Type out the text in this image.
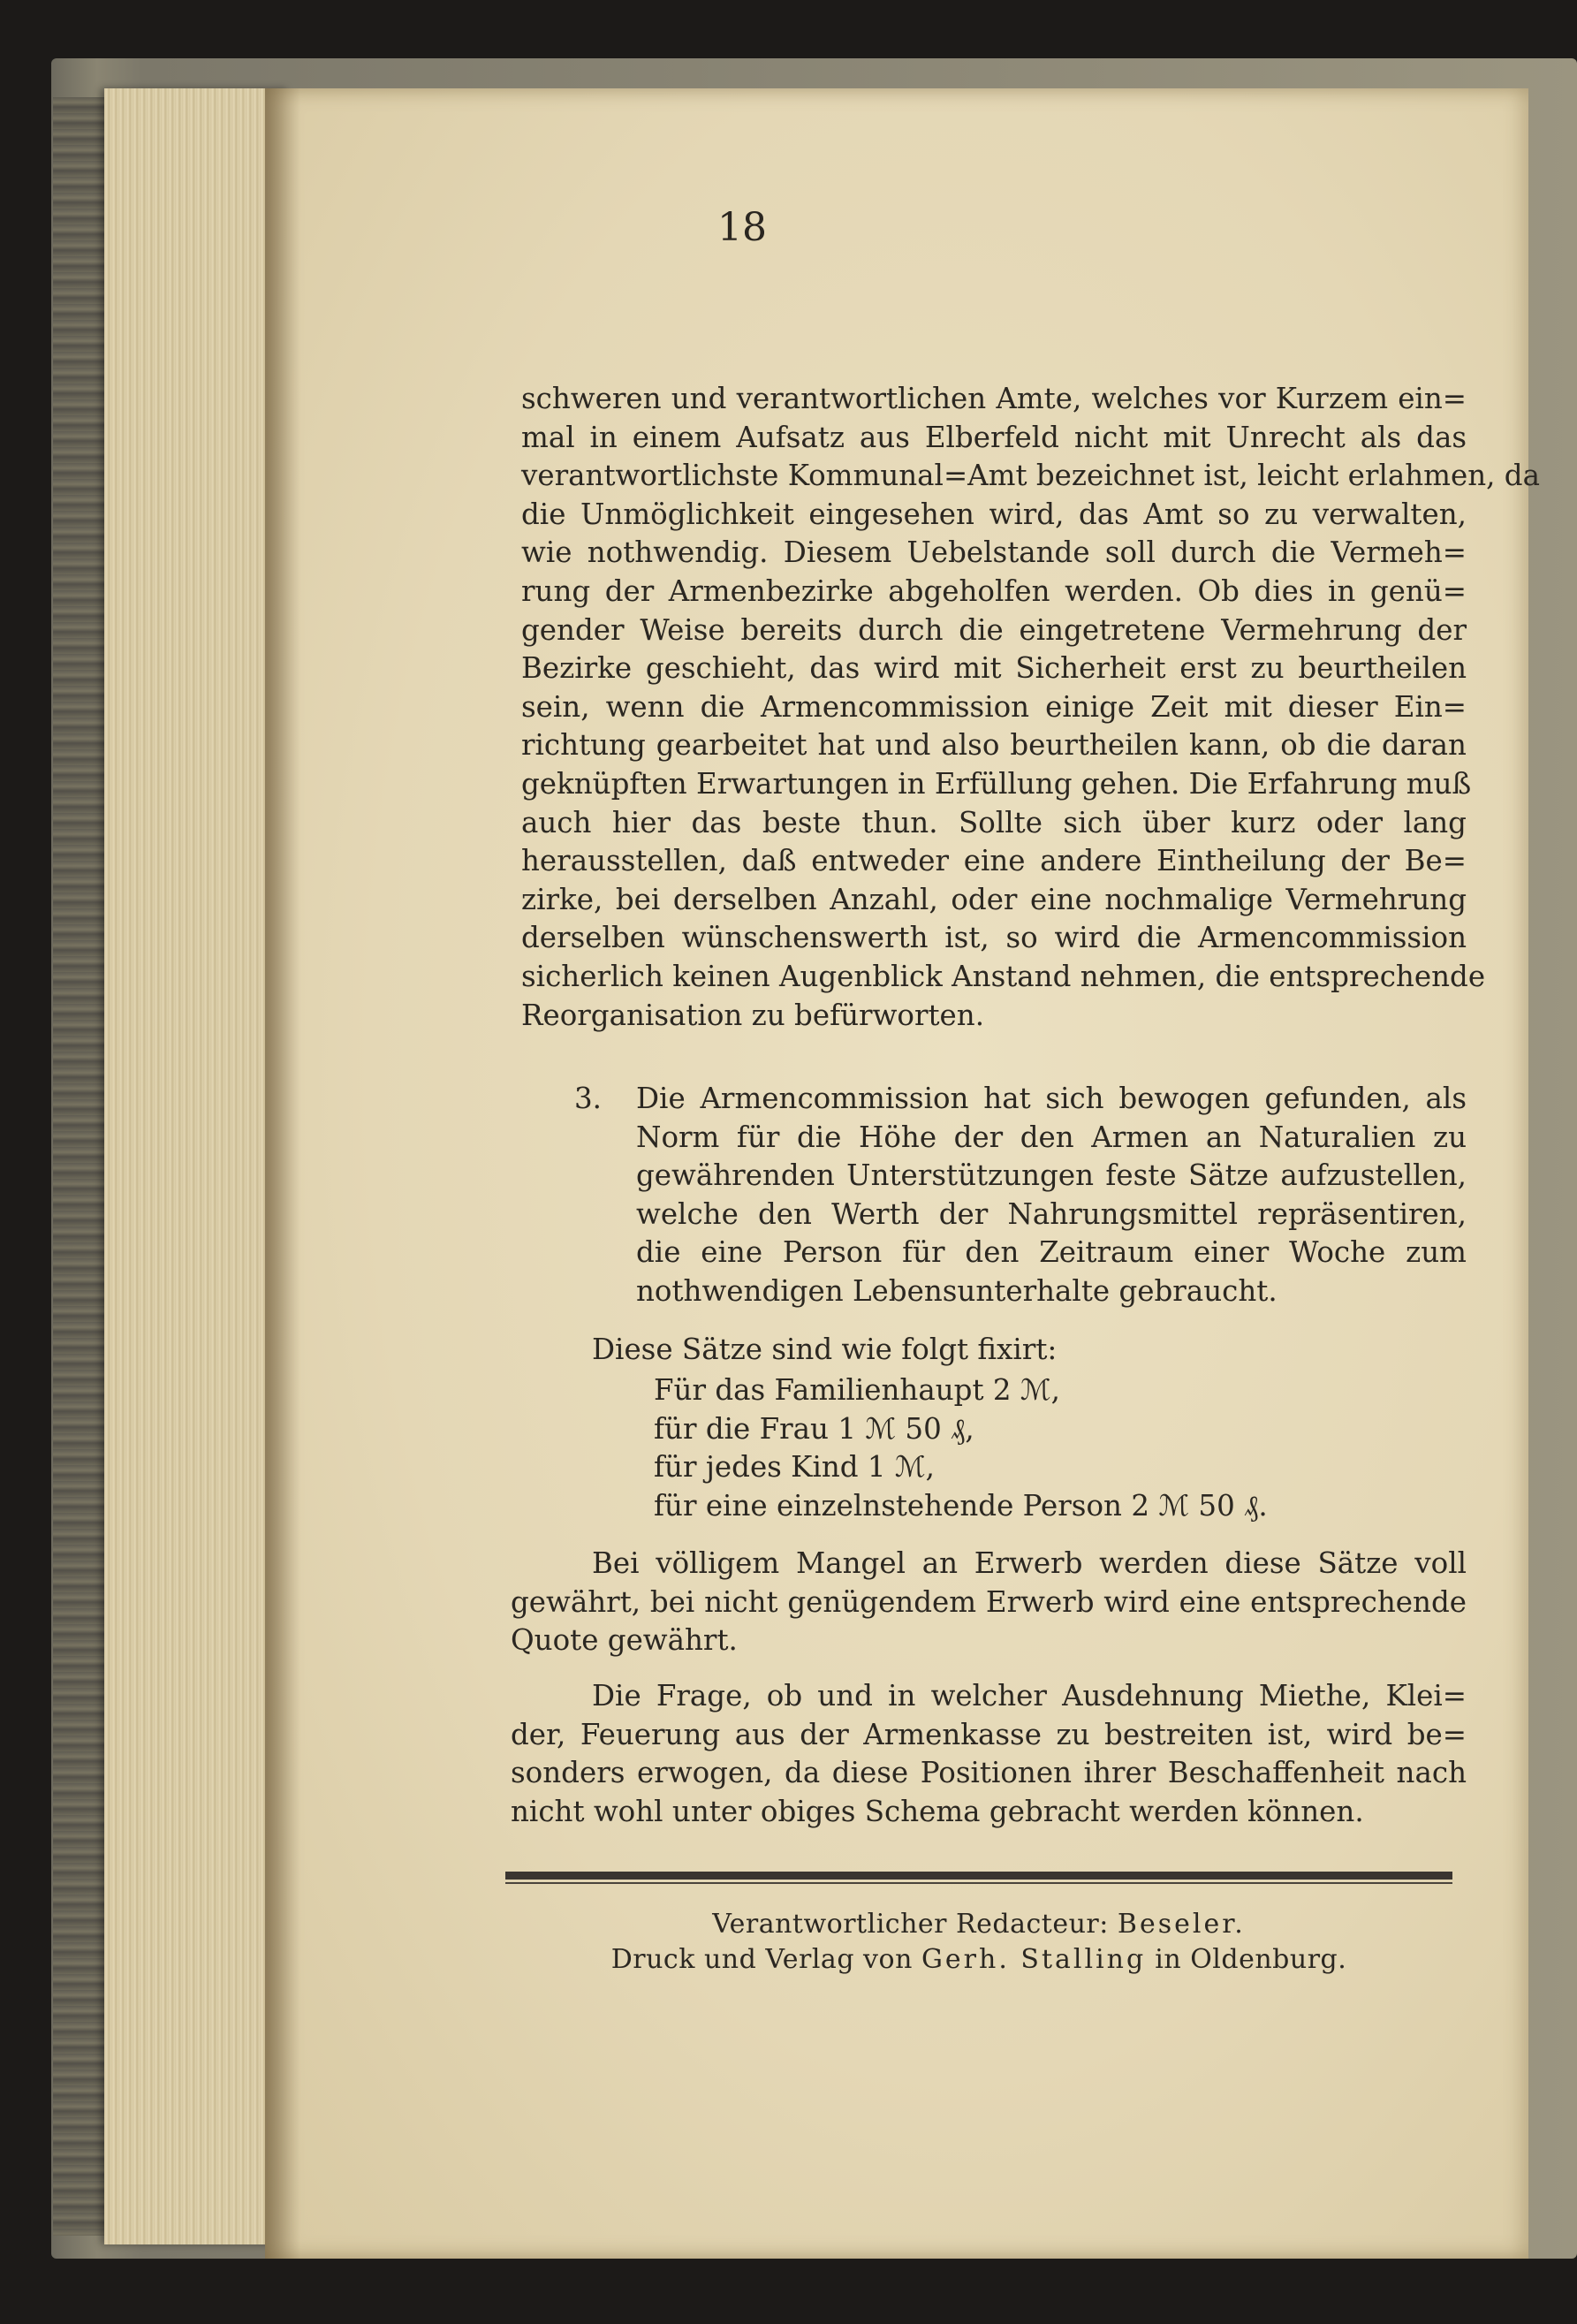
18
schweren und verantwortlichen Amte, welches vor Kurzem ein=
mal in einem Aufsatz aus Elberfeld nicht mit Unrecht als das
verantwortlichste Kommunal=Amt bezeichnet ist, leicht erlahmen, da
die Unmöglichkeit eingesehen wird, das Amt so zu verwalten,
wie nothwendig. Diesem Uebelstande soll durch die Vermeh=
rung der Armenbezirke abgeholfen werden. Ob dies in genü=
gender Weise bereits durch die eingetretene Vermehrung der
Bezirke geschieht, das wird mit Sicherheit erst zu beurtheilen
sein, wenn die Armencommission einige Zeit mit dieser Ein=
richtung gearbeitet hat und also beurtheilen kann, ob die daran
geknüpften Erwartungen in Erfüllung gehen. Die Erfahrung muß
auch hier das beste thun. Sollte sich über kurz oder lang
herausstellen, daß entweder eine andere Eintheilung der Be=
zirke, bei derselben Anzahl, oder eine nochmalige Vermehrung
derselben wünschenswerth ist, so wird die Armencommission
sicherlich keinen Augenblick Anstand nehmen, die entsprechende
Reorganisation zu befürworten.
3. Die Armencommission hat sich bewogen gefunden, als
Norm für die Höhe der den Armen an Naturalien zu
gewährenden Unterstützungen feste Sätze aufzustellen,
welche den Werth der Nahrungsmittel repräsentiren,
die eine Person für den Zeitraum einer Woche zum
nothwendigen Lebensunterhalte gebraucht.
Diese Sätze sind wie folgt fixirt:
Für das Familienhaupt 2 ℳ,
für die Frau 1 ℳ 50 ₰,
für jedes Kind 1 ℳ,
für eine einzelnstehende Person 2 ℳ 50 ₰.
Bei völligem Mangel an Erwerb werden diese Sätze voll
gewährt, bei nicht genügendem Erwerb wird eine entsprechende
Quote gewährt.
Die Frage, ob und in welcher Ausdehnung Miethe, Klei=
der, Feuerung aus der Armenkasse zu bestreiten ist, wird be=
sonders erwogen, da diese Positionen ihrer Beschaffenheit nach
nicht wohl unter obiges Schema gebracht werden können.
Verantwortlicher Redacteur: Beseler.
Druck und Verlag von Gerh. Stalling in Oldenburg.
